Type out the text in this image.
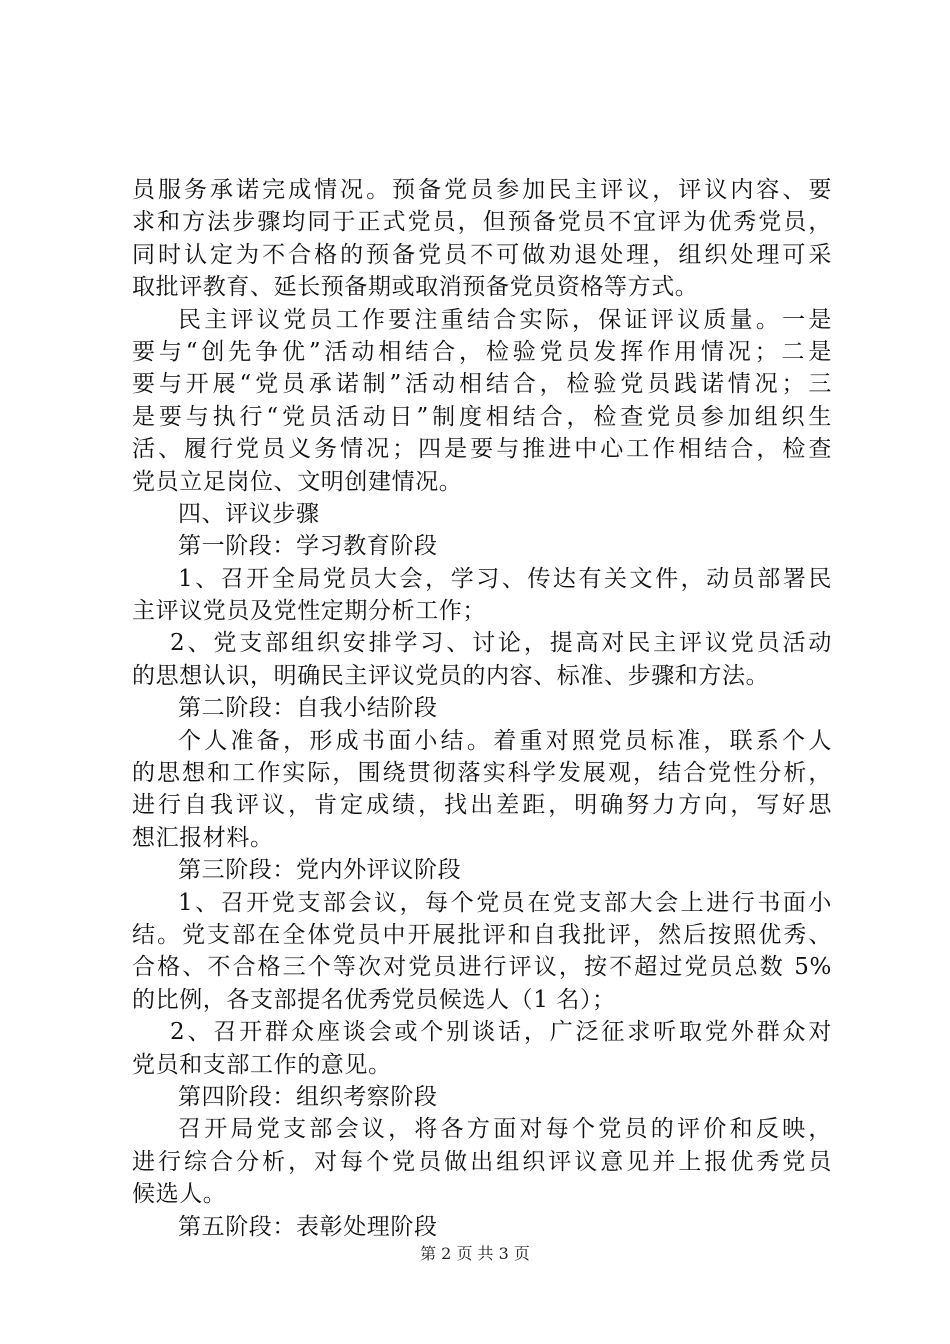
员服务承诺完成情况。预备党员参加民主评议，评议内容、要
求和方法步骤均同于正式党员，但预备党员不宜评为优秀党员，
同时认定为不合格的预备党员不可做劝退处理，组织处理可采
取批评教育、延长预备期或取消预备党员资格等方式。
民主评议党员工作要注重结合实际，保证评议质量。一是
要与“创先争优”活动相结合，检验党员发挥作用情况；二是
要与开展“党员承诺制”活动相结合，检验党员践诺情况；三
是要与执行“党员活动日”制度相结合，检查党员参加组织生
活、履行党员义务情况；四是要与推进中心工作相结合，检查
党员立足岗位、文明创建情况。
四、评议步骤
第一阶段：学习教育阶段
1、召开全局党员大会，学习、传达有关文件，动员部署民
主评议党员及党性定期分析工作；
2、党支部组织安排学习、讨论，提高对民主评议党员活动
的思想认识，明确民主评议党员的内容、标准、步骤和方法。
第二阶段：自我小结阶段
个人准备，形成书面小结。着重对照党员标准，联系个人
的思想和工作实际，围绕贯彻落实科学发展观，结合党性分析，
进行自我评议，肯定成绩，找出差距，明确努力方向，写好思
想汇报材料。
第三阶段：党内外评议阶段
1、召开党支部会议，每个党员在党支部大会上进行书面小
结。党支部在全体党员中开展批评和自我批评，然后按照优秀、
合格、不合格三个等次对党员进行评议，按不超过党员总数 5%
的比例，各支部提名优秀党员候选人（1 名）；
2、召开群众座谈会或个别谈话，广泛征求听取党外群众对
党员和支部工作的意见。
第四阶段：组织考察阶段
召开局党支部会议，将各方面对每个党员的评价和反映，
进行综合分析，对每个党员做出组织评议意见并上报优秀党员
候选人。
第五阶段：表彰处理阶段
第 2 页 共 3 页
